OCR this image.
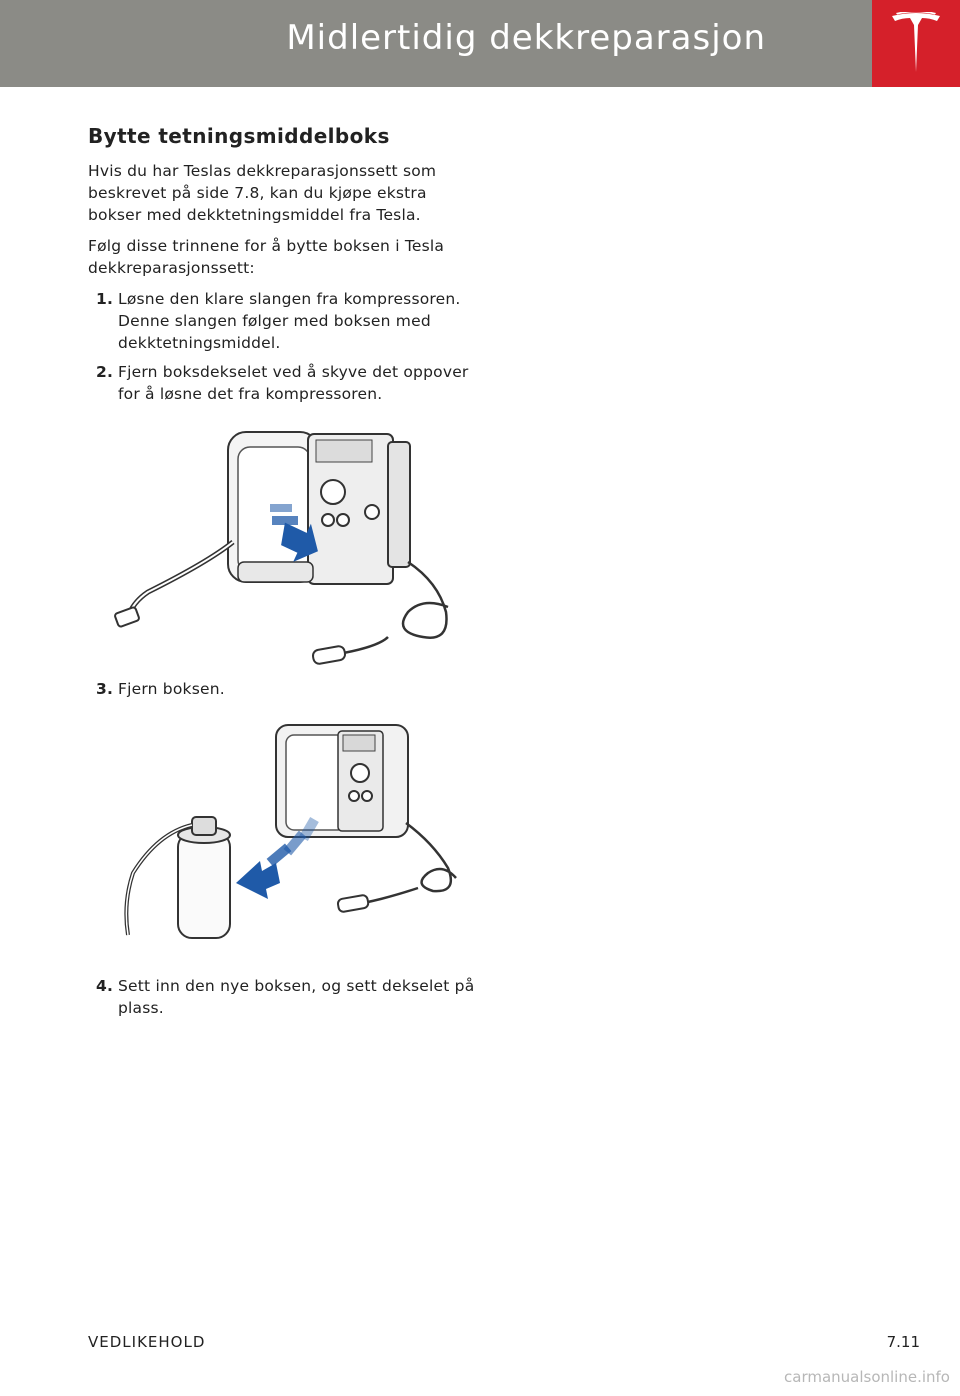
Midlertidig dekkreparasjon
Bytte tetningsmiddelboks

Hvis du har Teslas dekkreparasjonssett som beskrevet på side 7.8, kan du kjøpe ekstra bokser med dekktetningsmiddel fra Tesla.

Følg disse trinnene for å bytte boksen i Tesla dekkreparasjonssett:

1. Løsne den klare slangen fra kompressoren. Denne slangen følger med boksen med dekktetningsmiddel.
2. Fjern boksdekselet ved å skyve det oppover for å løsne det fra kompressoren.
3. Fjern boksen.
4. Sett inn den nye boksen, og sett dekselet på plass.
VEDLIKEHOLD	7.11
carmanualsonline.info
